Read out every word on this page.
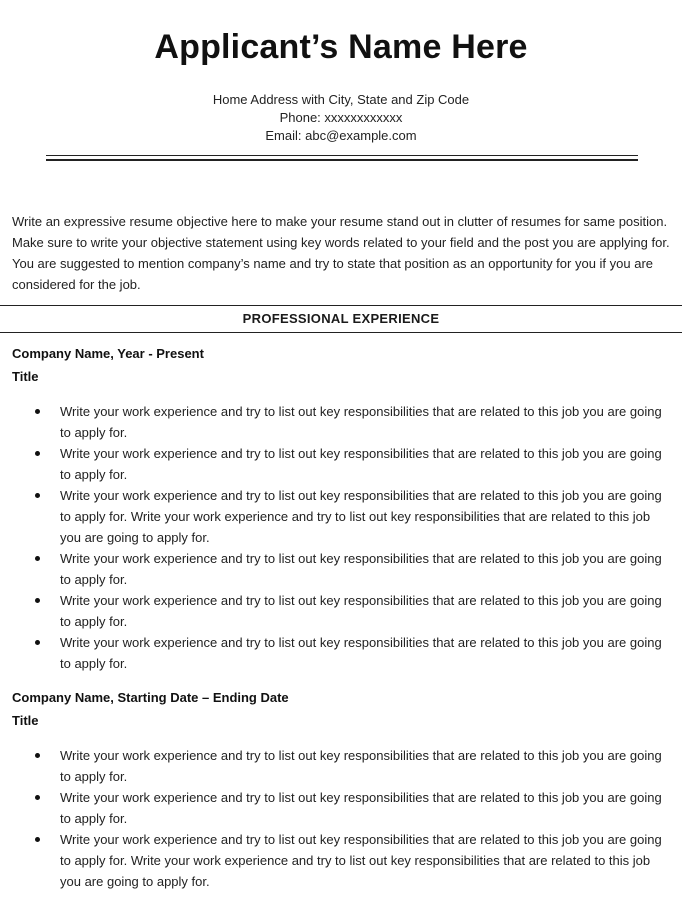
Applicant’s Name Here
Home Address with City, State and Zip Code
Phone: xxxxxxxxxxxx
Email: abc@example.com

Write an expressive resume objective here to make your resume stand out in clutter of resumes for same position. Make sure to write your objective statement using key words related to your field and the post you are applying for. You are suggested to mention company’s name and try to state that position as an opportunity for you if you are considered for the job.

PROFESSIONAL EXPERIENCE
Company Name, Year - Present
Title
Write your work experience and try to list out key responsibilities that are related to this job you are going to apply for.
Write your work experience and try to list out key responsibilities that are related to this job you are going to apply for.
Write your work experience and try to list out key responsibilities that are related to this job you are going to apply for. Write your work experience and try to list out key responsibilities that are related to this job you are going to apply for.
Write your work experience and try to list out key responsibilities that are related to this job you are going to apply for.
Write your work experience and try to list out key responsibilities that are related to this job you are going to apply for.
Write your work experience and try to list out key responsibilities that are related to this job you are going to apply for.
Company Name, Starting Date – Ending Date
Title
Write your work experience and try to list out key responsibilities that are related to this job you are going to apply for.
Write your work experience and try to list out key responsibilities that are related to this job you are going to apply for.
Write your work experience and try to list out key responsibilities that are related to this job you are going to apply for. Write your work experience and try to list out key responsibilities that are related to this job you are going to apply for.
